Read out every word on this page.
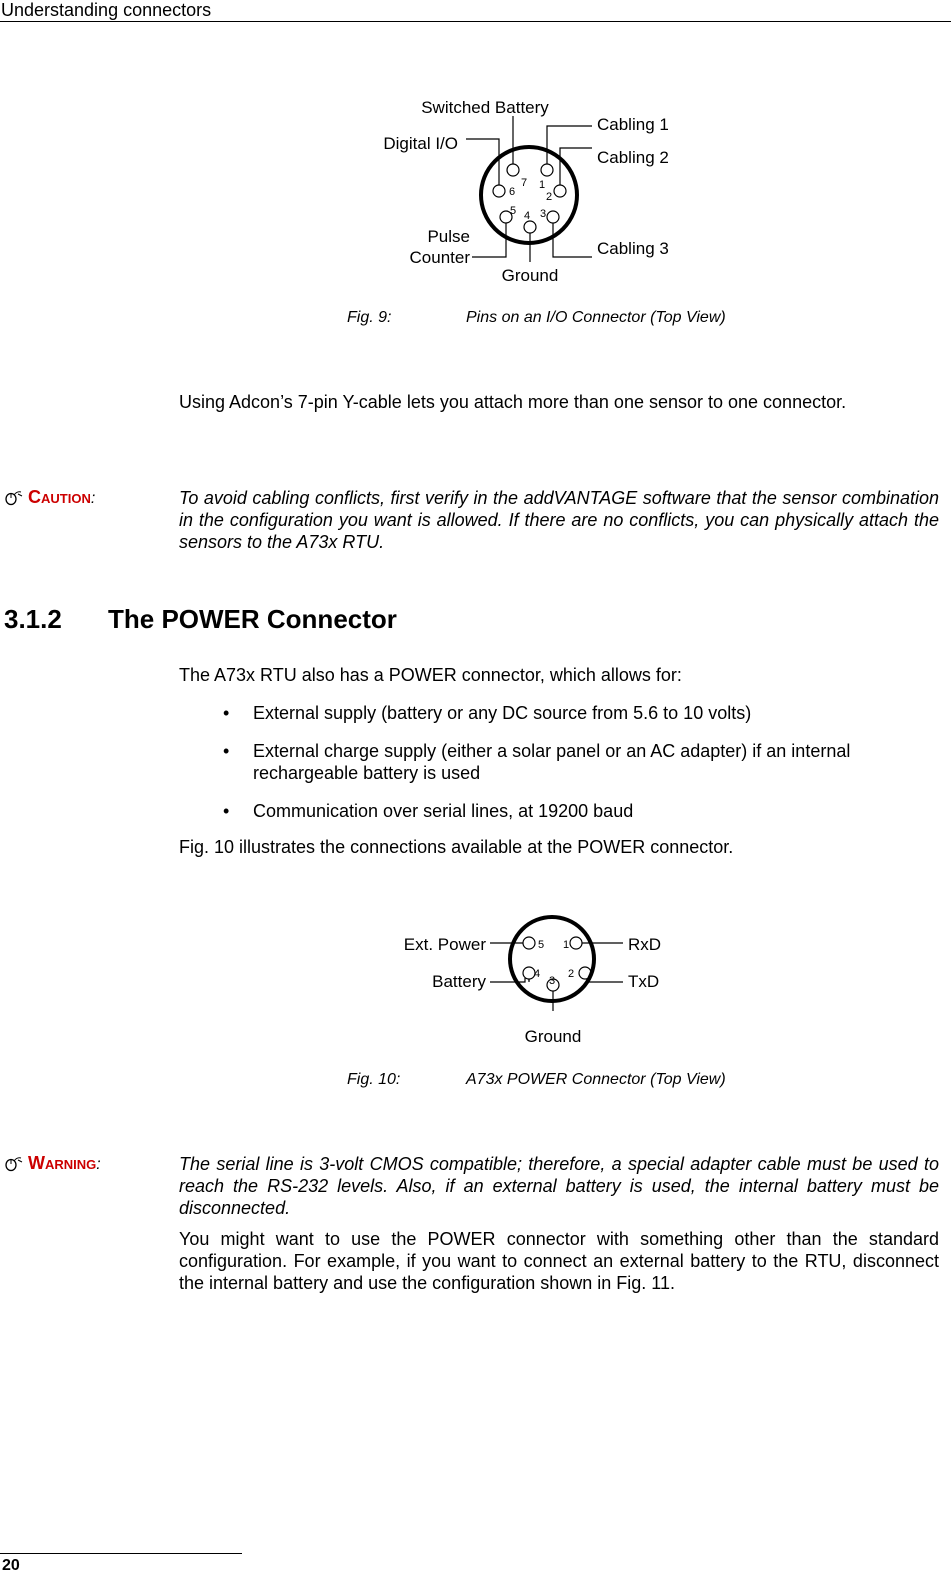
Understanding connectors
Switched Battery
Digital I/O
Cabling 1
Cabling 2
Cabling 3
Pulse
Counter
Ground
1
2
3
4
5
6
7
Fig. 9:	Pins on an I/O Connector (Top View)
Using Adcon’s 7-pin Y-cable lets you attach more than one sensor to one connector.
Caution:	To avoid cabling conflicts, first verify in the addVANTAGE software that the sensor combination in the configuration you want is allowed. If there are no conflicts, you can physically attach the sensors to the A73x RTU.
3.1.2 The POWER Connector
The A73x RTU also has a POWER connector, which allows for:
• External supply (battery or any DC source from 5.6 to 10 volts)
• External charge supply (either a solar panel or an AC adapter) if an internal rechargeable battery is used
• Communication over serial lines, at 19200 baud
Fig. 10 illustrates the connections available at the POWER connector.
Ext. Power	RxD
Battery	TxD
Ground
1
2
3
4
5
Fig. 10:	A73x POWER Connector (Top View)
Warning:	The serial line is 3-volt CMOS compatible; therefore, a special adapter cable must be used to reach the RS-232 levels. Also, if an external battery is used, the internal battery must be disconnected.
You might want to use the POWER connector with something other than the standard configuration. For example, if you want to connect an external battery to the RTU, disconnect the internal battery and use the configuration shown in Fig. 11.
20
